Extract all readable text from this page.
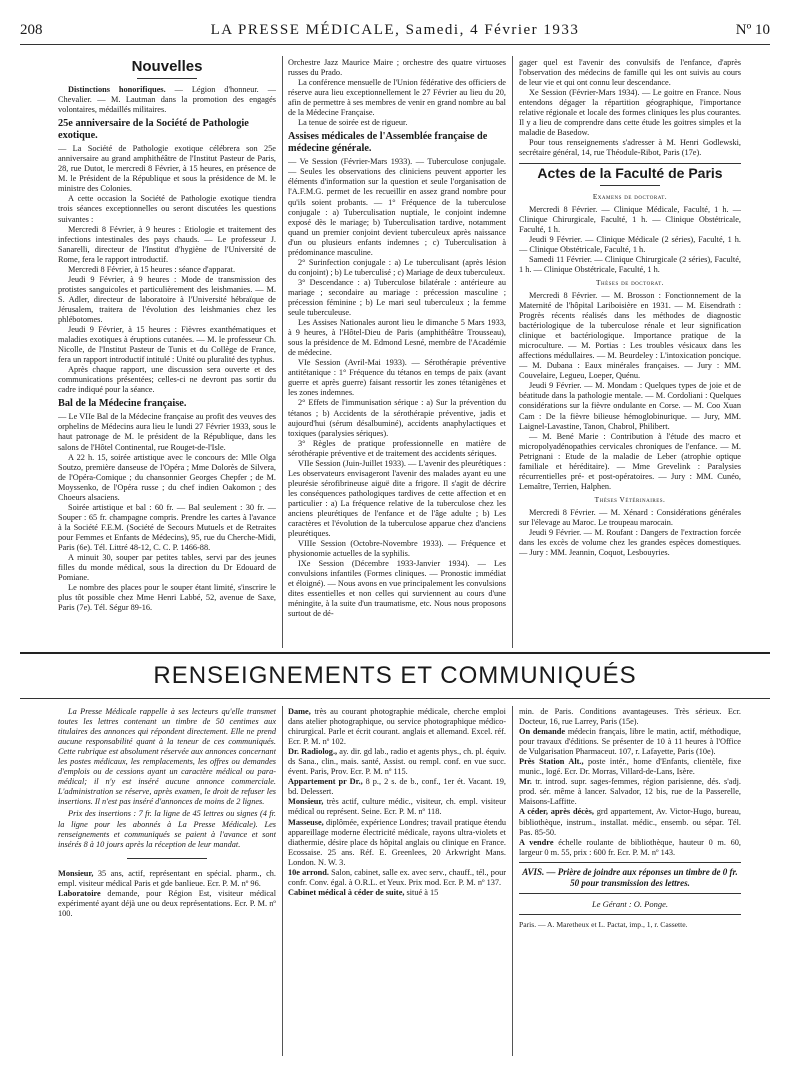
208	LA PRESSE MÉDICALE, Samedi, 4 Février 1933	Nº 10
Nouvelles

Distinctions honorifiques. — Légion d'honneur. — Chevalier. — M. Lautman dans la promotion des engagés volontaires, médaillés militaires.

25e anniversaire de la Société de Pathologie exotique.

— La Société de Pathologie exotique célébrera son 25e anniversaire au grand amphithéâtre de l'Institut Pasteur de Paris, 28, rue Dutot, le mercredi 8 Février, à 15 heures, en présence de M. le Président de la République et sous la présidence de M. le ministre des Colonies.

A cette occasion la Société de Pathologie exotique tiendra trois séances exceptionnelles ou seront discutées les questions suivantes :

Mercredi 8 Février, à 9 heures : Etiologie et traitement des infections intestinales des pays chauds. — Le professeur J. Sanarelli, directeur de l'Institut d'hygiène de l'Université de Rome, fera le rapport introductif.

Mercredi 8 Février, à 15 heures : séance d'apparat.

Jeudi 9 Février, à 9 heures : Mode de transmission des protistes sanguicoles et particulièrement des leishmanies. — M. S. Adler, directeur de laboratoire à l'Université hébraïque de Jérusalem, traitera de l'évolution des leishmanies chez les phlébotomes.

Jeudi 9 Février, à 15 heures : Fièvres exanthématiques et maladies exotiques à éruptions cutanées. — M. le professeur Ch. Nicolle, de l'Institut Pasteur de Tunis et du Collège de France, fera un rapport introductif intitulé : Unité ou pluralité des typhus.

Après chaque rapport, une discussion sera ouverte et des communications présentées; celles-ci ne devront pas sortir du cadre indiqué pour la séance.

Bal de la Médecine française.

— Le VIIe Bal de la Médecine française au profit des veuves des orphelins de Médecins aura lieu le lundi 27 Février 1933, sous le haut patronage de M. le président de la République, dans les salons de l'Hôtel Continental, rue Rouget-de-l'Isle.

A 22 h. 15, soirée artistique avec le concours de: Mlle Olga Soutzo, première danseuse de l'Opéra ; Mme Dolorès de Silvera, de l'Opéra-Comique ; du chansonnier Georges Chepfer ; de M. Moyssenko, de l'Opéra russe ; du chef indien Oakomon ; des Choeurs alsaciens.

Soirée artistique et bal : 60 fr. — Bal seulement : 30 fr. — Souper : 65 fr. champagne compris. Prendre les cartes à l'avance à la Société F.E.M. (Société de Secours Mutuels et de Retraites pour Femmes et Enfants de Médecins), 95, rue du Cherche-Midi, Paris (6e). Tél. Littré 48-12, C. C. P. 1466-88.

A minuit 30, souper par petites tables, servi par des jeunes filles du monde médical, sous la direction du Dr Edouard de Pomiane.

Le nombre des places pour le souper étant limité, s'inscrire le plus tôt possible chez Mme Henri Labbé, 52, avenue de Saxe, Paris (7e). Tél. Ségur 89-16.

Orchestre Jazz Maurice Maire ; orchestre des quatre virtuoses russes du Prado.

La conférence mensuelle de l'Union fédérative des officiers de réserve aura lieu exceptionnellement le 27 Février au lieu du 20, afin de permettre à ses membres de venir en grand nombre au bal de la Médecine Française.

La tenue de soirée est de rigueur.

Assises médicales de l'Assemblée française de médecine générale.

— Ve Session (Février-Mars 1933). — Tuberculose conjugale. — Seules les observations des cliniciens peuvent apporter les éléments d'information sur la question et seule l'organisation de l'A.F.M.G. permet de les recueillir en assez grand nombre pour qu'ils soient probants. — 1° Fréquence de la tuberculose conjugale : a) Tuberculisation nuptiale, le conjoint indemne exposé dès le mariage; b) Tuberculisation tardive, notamment quand un premier conjoint devient tuberculeux après naissance d'un ou plusieurs enfants indemnes ; c) Tuberculisation à prédominance masculine.

2° Surinfection conjugale : a) Le tuberculisant (après lésion du conjoint) ; b) Le tuberculisé ; c) Mariage de deux tuberculeux.

3° Descendance : a) Tuberculose bilatérale : antérieure au mariage ; secondaire au mariage : précession masculine ; précession féminine ; b) Le mari seul tuberculeux ; la femme seule tuberculeuse.

Les Assises Nationales auront lieu le dimanche 5 Mars 1933, à 9 heures, à l'Hôtel-Dieu de Paris (amphithéâtre Trousseau), sous la présidence de M. Edmond Lesné, membre de l'Académie de médecine.

VIe Session (Avril-Mai 1933). — Sérothérapie préventive antitétanique : 1° Fréquence du tétanos en temps de paix (avant guerre et après guerre) faisant ressortir les zones tétanigènes et les zones indemnes.

2° Effets de l'immunisation sérique : a) Sur la prévention du tétanos ; b) Accidents de la sérothérapie préventive, jadis et aujourd'hui (sérum désalbuminé), accidents anaphylactiques et toxiques (paralysies sériques).

3° Règles de pratique professionnelle en matière de sérothérapie préventive et de traitement des accidents sériques.

VIIe Session (Juin-Juillet 1933). — L'avenir des pleurétiques : Les observateurs envisageront l'avenir des malades ayant eu une pleurésie sérofibrineuse aiguë dite a frigore. Il s'agit de décrire les conséquences pathologiques tardives de cette affection et en particulier : a) La fréquence relative de la tuberculose chez les anciens pleurétiques de l'enfance et de l'âge adulte ; b) Les caractères et l'évolution de la tuberculose apparue chez d'anciens pleurétiques.

VIIIe Session (Octobre-Novembre 1933). — Fréquence et physionomie actuelles de la syphilis.

IXe Session (Décembre 1933-Janvier 1934). — Les convulsions infantiles (Formes cliniques. — Pronostic immédiat et éloigné). — Nous avons en vue principalement les convulsions dites essentielles et non celles qui surviennent au cours d'une méningite, à la suite d'un traumatisme, etc. Nous nous proposons surtout de dé-

gager quel est l'avenir des convulsifs de l'enfance, d'après l'observation des médecins de famille qui les ont suivis au cours de leur vie et qui ont connu leur descendance.

Xe Session (Février-Mars 1934). — Le goitre en France. Nous entendons dégager la répartition géographique, l'importance relative régionale et locale des formes cliniques les plus courantes. Il y a lieu de comprendre dans cette étude les goitres simples et la maladie de Basedow.

Pour tous renseignements s'adresser à M. Henri Godlewski, secrétaire général, 14, rue Théodule-Ribot, Paris (17e).

Actes de la Faculté de Paris
Examens de doctorat.

Mercredi 8 Février. — Clinique Médicale, Faculté, 1 h. — Clinique Chirurgicale, Faculté, 1 h. — Clinique Obstétricale, Faculté, 1 h.

Jeudi 9 Février. — Clinique Médicale (2 séries), Faculté, 1 h. — Clinique Obstétricale, Faculté, 1 h.

Samedi 11 Février. — Clinique Chirurgicale (2 séries), Faculté, 1 h. — Clinique Obstétricale, Faculté, 1 h.

Thèses de doctorat.

Mercredi 8 Février. — M. Brosson : Fonctionnement de la Maternité de l'hôpital Lariboisière en 1931. — M. Eisendrath : Progrès récents réalisés dans les méthodes de diagnostic bactériologique de la tuberculose rénale et leur signification clinique et bactériologique. Importance pratique de la microculture. — M. Portias : Les troubles vésicaux dans les affections médullaires. — M. Beurdeley : L'intoxication poncique. — M. Dubana : Eaux minérales françaises. — Jury : MM. Couvelaire, Legueu, Loeper, Quénu.

Jeudi 9 Février. — M. Mondam : Quelques types de joie et de béatitude dans la pathologie mentale. — M. Cordoliani : Quelques considérations sur la fièvre ondulante en Corse. — M. Coo Xuan Cam : De la fièvre bilieuse hémoglobinurique. — Jury, MM. Laignel-Lavastine, Tanon, Chabrol, Philibert.

— M. Bené Marie : Contribution à l'étude des macro et micropolyadénopathies cervicales chroniques de l'enfance. — M. Petrignani : Etude de la maladie de Leber (atrophie optique familiale et héréditaire). — Mme Grevelink : Paralysies récurrentielles pré- et post-opératoires. — Jury : MM. Cunéo, Lemaître, Terrien, Halphen.

Thèses Vétérinaires.

Mercredi 8 Février. — M. Xénard : Considérations générales sur l'élevage au Maroc. Le troupeau marocain.

Jeudi 9 Février. — M. Roufant : Dangers de l'extraction forcée dans les excès de volume chez les grandes espèces domestiques. — Jury : MM. Jeannin, Coquot, Lesbouyries.

RENSEIGNEMENTS ET COMMUNIQUÉS

La Presse Médicale rappelle à ses lecteurs qu'elle transmet toutes les lettres contenant un timbre de 50 centimes aux titulaires des annonces qui répondent directement. Elle ne prend aucune responsabilité quant à la teneur de ces communiqués. Cette rubrique est absolument réservée aux annonces concernant les postes médicaux, les remplacements, les offres ou demandes d'emplois ou de cessions ayant un caractère médical ou para-médical; il n'y est inséré aucune annonce commerciale. L'administration se réserve, après examen, le droit de refuser les insertions. Il n'est pas inséré d'annonces de moins de 2 lignes.

Prix des insertions : 7 fr. la ligne de 45 lettres ou signes (4 fr. la ligne pour les abonnés à La Presse Médicale). Les renseignements et communiqués se paient à l'avance et sont insérés 8 à 10 jours après la réception de leur mandat.

Monsieur, 35 ans, actif, représentant en spécial. pharm., ch. empl. visiteur médical Paris et gde banlieue. Ecr. P. M. nº 96.

Laboratoire demande, pour Région Est, visiteur médical expérimenté ayant déjà une ou deux représentations. Ecr. P. M. nº 100.

Dame, très au courant photographie médicale, cherche emploi dans atelier photographique, ou service photographique médico-chirurgical. Parle et écrit courant. anglais et allemand. Excel. réf. Ecr. P. M. nº 102.

Dr. Radiolog., ay. dir. gd lab., radio et agents phys., ch. pl. équiv. ds Sana., clin., mais. santé, Assist. ou rempl. conf. en vue succ. évent. Paris, Prov. Ecr. P. M. nº 115.

Appartement pr Dr., 8 p., 2 s. de b., conf., 1er ét. Vacant. 19, bd. Delessert.

Monsieur, très actif, culture médic., visiteur, ch. empl. visiteur médical ou représent. Seine. Ecr. P. M. nº 118.

Masseuse, diplômée, expérience Londres; travail pratique étendu appareillage moderne électricité médicale, rayons ultra-violets et diathermie, désire place ds hôpital anglais ou clinique en France. Ecossaise. 25 ans. Réf. E. Greenlees, 20 Arkwright Mans. London. N. W. 3.

10e arrond. Salon, cabinet, salle ex. avec serv., chauff., tél., pour confr. Conv. égal. à O.R.L. et Yeux. Prix mod. Ecr. P. M. nº 137.

Cabinet médical à céder de suite, situé à 15

min. de Paris. Conditions avantageuses. Très sérieux. Ecr. Docteur, 16, rue Larrey, Paris (15e).

On demande médecin français, libre le matin, actif, méthodique, pour travaux d'éditions. Se présenter de 10 à 11 heures à l'Office de Vulgarisation Pharmaceut. 107, r. Lafayette, Paris (10e).

Près Station Alt., poste intér., home d'Enfants, clientèle, fixe munic., logé. Ecr. Dr. Morras, Villard-de-Lans, Isère.

Mr. tr. introd. supr. sages-femmes, région parisienne, dés. s'adj. prod. sér. même à lancer. Salvador, 12 bis, rue de la Passerelle, Maisons-Laffitte.

A céder, après décès, grd appartement, Av. Victor-Hugo, bureau, bibliothèque, instrum., installat. médic., ensemb. ou sépar. Tél. Pas. 85-50.

A vendre échelle roulante de bibliothèque, hauteur 0 m. 60, largeur 0 m. 55, prix : 600 fr. Ecr. P. M. nº 143.

AVIS. — Prière de joindre aux réponses un timbre de 0 fr. 50 pour transmission des lettres.
Le Gérant : O. Ponge.
Paris. — A. Maretheux et L. Pactat, imp., 1, r. Cassette.
